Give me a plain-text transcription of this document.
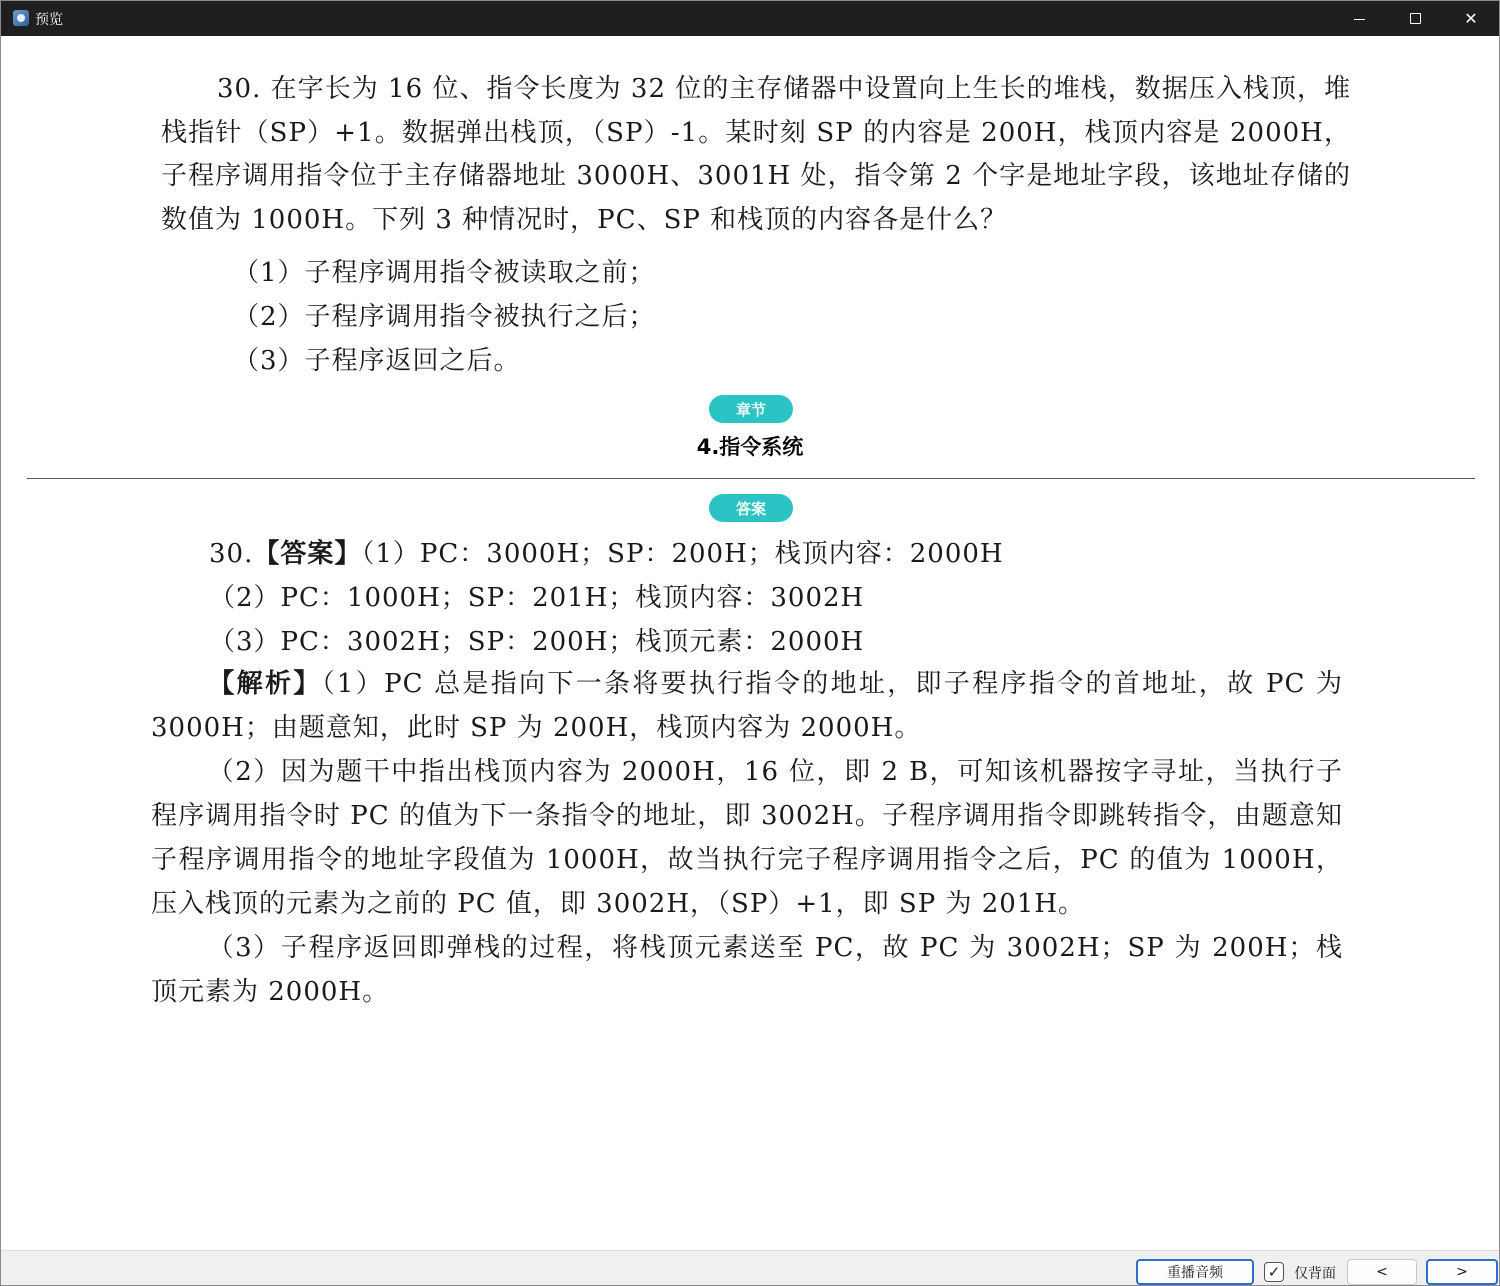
预览	✕
30. 在字长为 16 位、指令长度为 32 位的主存储器中设置向上生长的堆栈，数据压入栈顶，堆栈指针（SP）+1。数据弹出栈顶，（SP）-1。某时刻 SP 的内容是 200H，栈顶内容是 2000H，子程序调用指令位于主存储器地址 3000H、3001H 处，指令第 2 个字是地址字段，该地址存储的数值为 1000H。下列 3 种情况时，PC、SP 和栈顶的内容各是什么？
（1）子程序调用指令被读取之前；
（2）子程序调用指令被执行之后；
（3）子程序返回之后。
章节
4.指令系统
答案
30.【答案】（1）PC：3000H；SP：200H；栈顶内容：2000H
（2）PC：1000H；SP：201H；栈顶内容：3002H
（3）PC：3002H；SP：200H；栈顶元素：2000H
【解析】（1）PC 总是指向下一条将要执行指令的地址，即子程序指令的首地址，故 PC 为 3000H；由题意知，此时 SP 为 200H，栈顶内容为 2000H。
（2）因为题干中指出栈顶内容为 2000H，16 位，即 2 B，可知该机器按字寻址，当执行子程序调用指令时 PC 的值为下一条指令的地址，即 3002H。子程序调用指令即跳转指令，由题意知子程序调用指令的地址字段值为 1000H，故当执行完子程序调用指令之后，PC 的值为 1000H，压入栈顶的元素为之前的 PC 值，即 3002H，（SP）+1，即 SP 为 201H。
（3）子程序返回即弹栈的过程，将栈顶元素送至 PC，故 PC 为 3002H；SP 为 200H；栈顶元素为 2000H。
重播音频	✓ 仅背面	<	>
